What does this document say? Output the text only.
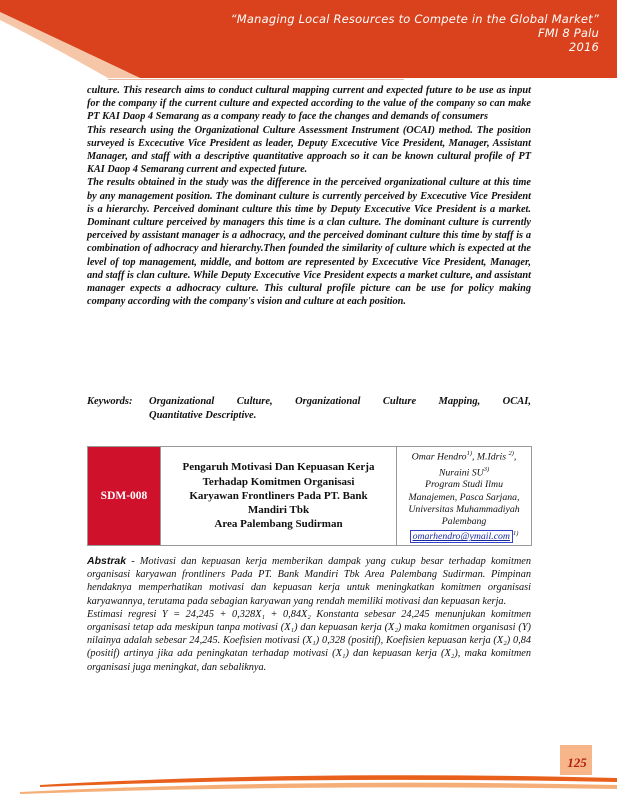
“Managing Local Resources to Compete in the Global Market”
FMI 8 Palu
2016

culture. This research aims to conduct cultural mapping current and expected future to be use as input for the company if the current culture and expected according to the value of the company so can make PT KAI Daop 4 Semarang as a company ready to face the changes and demands of consumers

This research using the Organizational Culture Assessment Instrument (OCAI) method. The position surveyed is Excecutive Vice President as leader, Deputy Excecutive Vice President, Manager, Assistant Manager, and staff with a descriptive quantitative approach so it can be known cultural profile of PT KAI Daop 4 Semarang current and expected future.

The results obtained in the study was the difference in the perceived organizational culture at this time by any management position. The dominant culture is currently perceived by Excecutive Vice President is a hierarchy. Perceived dominant culture this time by Deputy Excecutive Vice President is a market. Dominant culture perceived by managers this time is a clan culture. The dominant culture is currently perceived by assistant manager is a adhocracy, and the perceived dominant culture this time by staff is a combination of adhocracy and hierarchy.Then founded the similarity of culture which is expected at the level of top management, middle, and bottom are represented by Excecutive Vice President, Manager, and staff is clan culture. While Deputy Excecutive Vice President expects a market culture, and assistant manager expects a adhocracy culture. This cultural profile picture can be use for policy making company according with the company's vision and culture at each position.

Keywords:	Organizational Culture, Organizational Culture Mapping, OCAI,
Quantitative Descriptive.
SDM-008
Pengaruh Motivasi Dan Kepuasan Kerja
Terhadap Komitmen Organisasi
Karyawan Frontliners Pada PT. Bank
Mandiri Tbk
Area Palembang Sudirman
Omar Hendro$^{1)}$, M.Idris $^{2)}$,
Nuraini SU$^{3)}$
Program Studi Ilmu
Manajemen, Pasca Sarjana,
Universitas Muhammadiyah
Palembang
omarhendro@ymail.com $^{1)}$

Abstrak - Motivasi dan kepuasan kerja memberikan dampak yang cukup besar terhadap komitmen organisasi karyawan frontliners Pada PT. Bank Mandiri Tbk Area Palembang Sudirman. Pimpinan hendaknya memperhatikan motivasi dan kepuasan kerja untuk meningkatkan komitmen organisasi karyawannya, terutama pada sebagian karyawan yang rendah memiliki motivasi dan kepuasan kerja.

Estimasi regresi Y = 24,245 + 0,328X₁ + 0,84X₂ Konstanta sebesar 24,245 menunjukan komitmen organisasi tetap ada meskipun tanpa motivasi (X₁) dan kepuasan kerja (X₂) maka komitmen organisasi (Y) nilainya adalah sebesar 24,245. Koefisien motivasi (X₁) 0,328 (positif), Koefisien kepuasan kerja (X₂) 0,84 (positif) artinya jika ada peningkatan terhadap motivasi (X₁) dan kepuasan kerja (X₂), maka komitmen organisasi juga meningkat, dan sebaliknya.

125
